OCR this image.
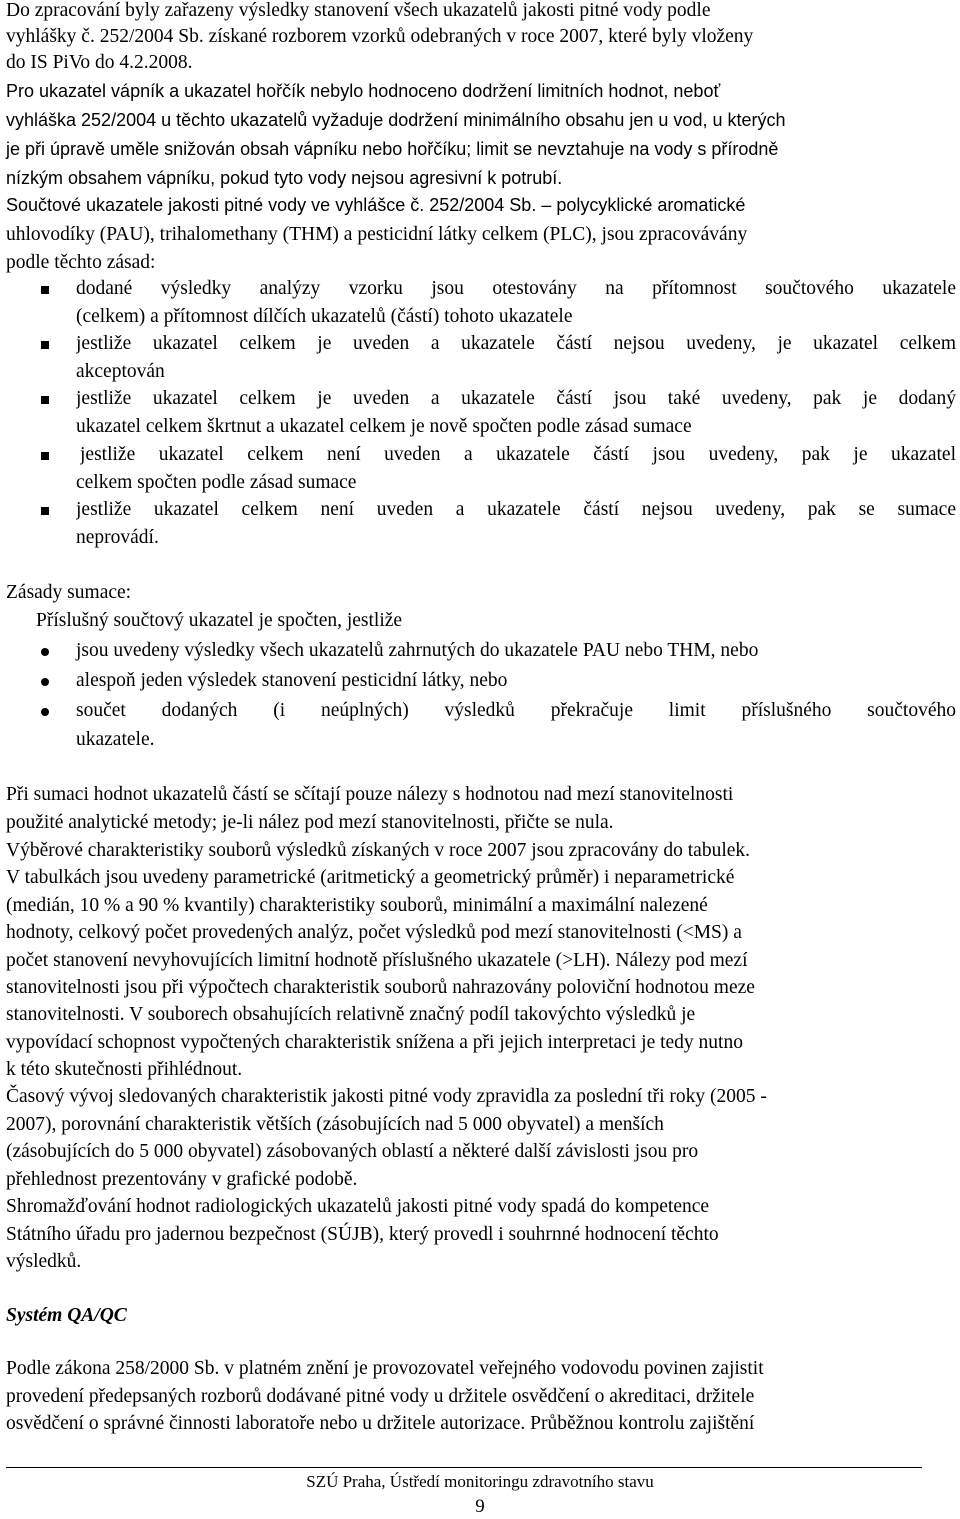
Do zpracování byly zařazeny výsledky stanovení všech ukazatelů jakosti pitné vody podle
vyhlášky č. 252/2004 Sb. získané rozborem vzorků odebraných v roce 2007, které byly vloženy
do IS PiVo do 4.2.2008.
Pro ukazatel vápník a ukazatel hořčík nebylo hodnoceno dodržení limitních hodnot, neboť
vyhláška 252/2004 u těchto ukazatelů vyžaduje dodržení minimálního obsahu jen u vod, u kterých
je při úpravě uměle snižován obsah vápníku nebo hořčíku; limit se nevztahuje na vody s přírodně
nízkým obsahem vápníku, pokud tyto vody nejsou agresivní k potrubí.
Součtové ukazatele jakosti pitné vody ve vyhlášce č. 252/2004 Sb. – polycyklické aromatické
uhlovodíky (PAU), trihalomethany (THM) a pesticidní látky celkem (PLC), jsou zpracovávány
podle těchto zásad:
dodané výsledky analýzy vzorku jsou otestovány na přítomnost součtového ukazatele
(celkem) a přítomnost dílčích ukazatelů (částí) tohoto ukazatele
jestliže ukazatel celkem je uveden a ukazatele částí nejsou uvedeny, je ukazatel celkem
akceptován
jestliže ukazatel celkem je uveden a ukazatele částí jsou také uvedeny, pak je dodaný
ukazatel celkem škrtnut a ukazatel celkem je nově spočten podle zásad sumace
jestliže ukazatel celkem není uveden a ukazatele částí jsou uvedeny, pak je ukazatel
celkem spočten podle zásad sumace
jestliže ukazatel celkem není uveden a ukazatele částí nejsou uvedeny, pak se sumace
neprovádí.
Zásady sumace:
Příslušný součtový ukazatel je spočten, jestliže
jsou uvedeny výsledky všech ukazatelů zahrnutých do ukazatele PAU nebo THM, nebo
alespoň jeden výsledek stanovení pesticidní látky, nebo
součet dodaných (i neúplných) výsledků překračuje limit příslušného součtového
ukazatele.
Při sumaci hodnot ukazatelů částí se sčítají pouze nálezy s hodnotou nad mezí stanovitelnosti
použité analytické metody; je-li nález pod mezí stanovitelnosti, přičte se nula.
Výběrové charakteristiky souborů výsledků získaných v roce 2007 jsou zpracovány do tabulek.
V tabulkách jsou uvedeny parametrické (aritmetický a geometrický průměr) i neparametrické
(medián, 10 % a 90 % kvantily) charakteristiky souborů, minimální a maximální nalezené
hodnoty, celkový počet provedených analýz, počet výsledků pod mezí stanovitelnosti (<MS) a
počet stanovení nevyhovujících limitní hodnotě příslušného ukazatele (>LH). Nálezy pod mezí
stanovitelnosti jsou při výpočtech charakteristik souborů nahrazovány poloviční hodnotou meze
stanovitelnosti. V souborech obsahujících relativně značný podíl takovýchto výsledků je
vypovídací schopnost vypočtených charakteristik snížena a při jejich interpretaci je tedy nutno
k této skutečnosti přihlédnout.
Časový vývoj sledovaných charakteristik jakosti pitné vody zpravidla za poslední tři roky (2005 -
2007), porovnání charakteristik větších (zásobujících nad 5 000 obyvatel) a menších
(zásobujících do 5 000 obyvatel) zásobovaných oblastí a některé další závislosti jsou pro
přehlednost prezentovány v grafické podobě.
Shromažďování hodnot radiologických ukazatelů jakosti pitné vody spadá do kompetence
Státního úřadu pro jadernou bezpečnost (SÚJB), který provedl i souhrnné hodnocení těchto
výsledků.
Systém QA/QC
Podle zákona 258/2000 Sb. v platném znění je provozovatel veřejného vodovodu povinen zajistit
provedení předepsaných rozborů dodávané pitné vody u držitele osvědčení o akreditaci, držitele
osvědčení o správné činnosti laboratoře nebo u držitele autorizace. Průběžnou kontrolu zajištění
SZÚ Praha, Ústředí monitoringu zdravotního stavu
9
